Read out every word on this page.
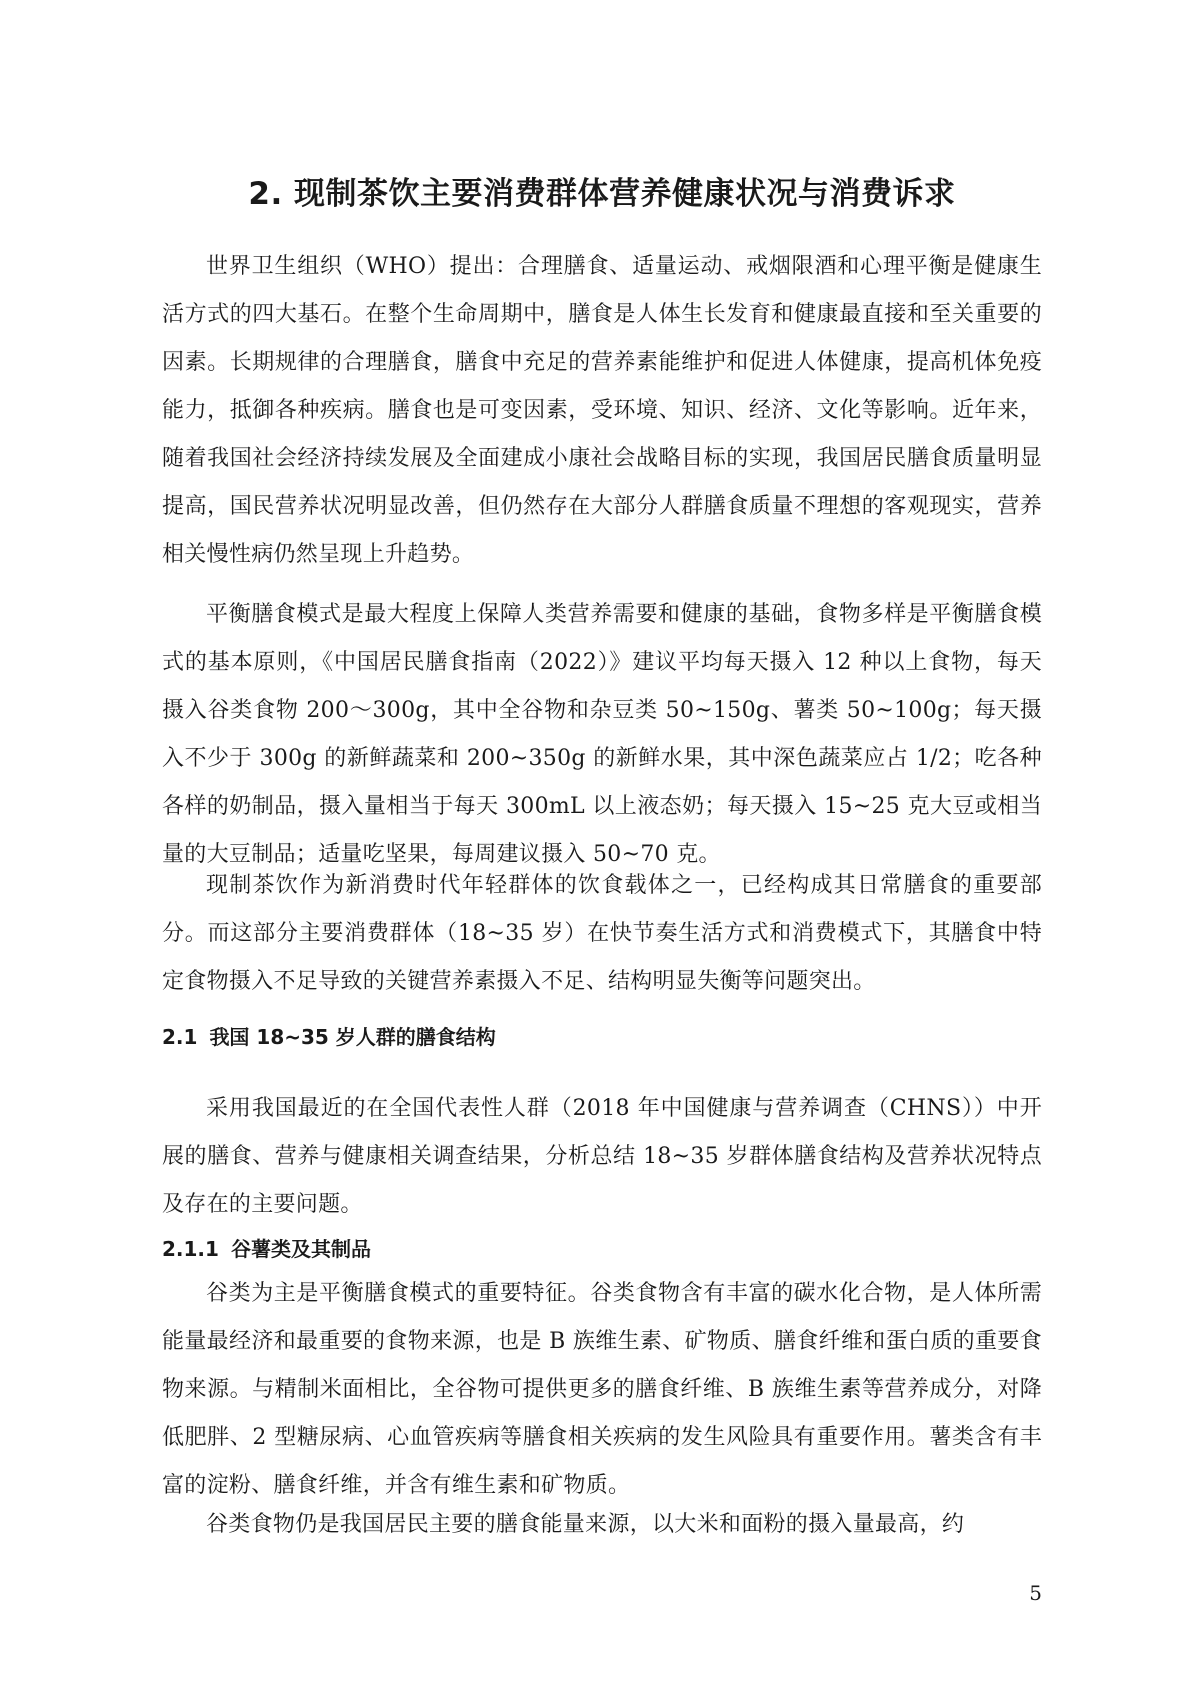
2. 现制茶饮主要消费群体营养健康状况与消费诉求

世界卫生组织（WHO）提出：合理膳食、适量运动、戒烟限酒和心理平衡是健康生活方式的四大基石。在整个生命周期中，膳食是人体生长发育和健康最直接和至关重要的因素。长期规律的合理膳食，膳食中充足的营养素能维护和促进人体健康，提高机体免疫能力，抵御各种疾病。膳食也是可变因素，受环境、知识、经济、文化等影响。近年来，随着我国社会经济持续发展及全面建成小康社会战略目标的实现，我国居民膳食质量明显提高，国民营养状况明显改善，但仍然存在大部分人群膳食质量不理想的客观现实，营养相关慢性病仍然呈现上升趋势。

平衡膳食模式是最大程度上保障人类营养需要和健康的基础，食物多样是平衡膳食模式的基本原则，《中国居民膳食指南（2022）》建议平均每天摄入 12 种以上食物，每天摄入谷类食物 200～300g，其中全谷物和杂豆类 50~150g、薯类 50~100g；每天摄入不少于 300g 的新鲜蔬菜和 200~350g 的新鲜水果，其中深色蔬菜应占 1/2；吃各种各样的奶制品，摄入量相当于每天 300mL 以上液态奶；每天摄入 15~25 克大豆或相当量的大豆制品；适量吃坚果，每周建议摄入 50~70 克。

现制茶饮作为新消费时代年轻群体的饮食载体之一，已经构成其日常膳食的重要部分。而这部分主要消费群体（18~35 岁）在快节奏生活方式和消费模式下，其膳食中特定食物摄入不足导致的关键营养素摄入不足、结构明显失衡等问题突出。

2.1 我国 18~35 岁人群的膳食结构

采用我国最近的在全国代表性人群（2018 年中国健康与营养调查（CHNS））中开展的膳食、营养与健康相关调查结果，分析总结 18~35 岁群体膳食结构及营养状况特点及存在的主要问题。

2.1.1 谷薯类及其制品

谷类为主是平衡膳食模式的重要特征。谷类食物含有丰富的碳水化合物，是人体所需能量最经济和最重要的食物来源，也是 B 族维生素、矿物质、膳食纤维和蛋白质的重要食物来源。与精制米面相比，全谷物可提供更多的膳食纤维、B 族维生素等营养成分，对降低肥胖、2 型糖尿病、心血管疾病等膳食相关疾病的发生风险具有重要作用。薯类含有丰富的淀粉、膳食纤维，并含有维生素和矿物质。

谷类食物仍是我国居民主要的膳食能量来源，以大米和面粉的摄入量最高，约

5
